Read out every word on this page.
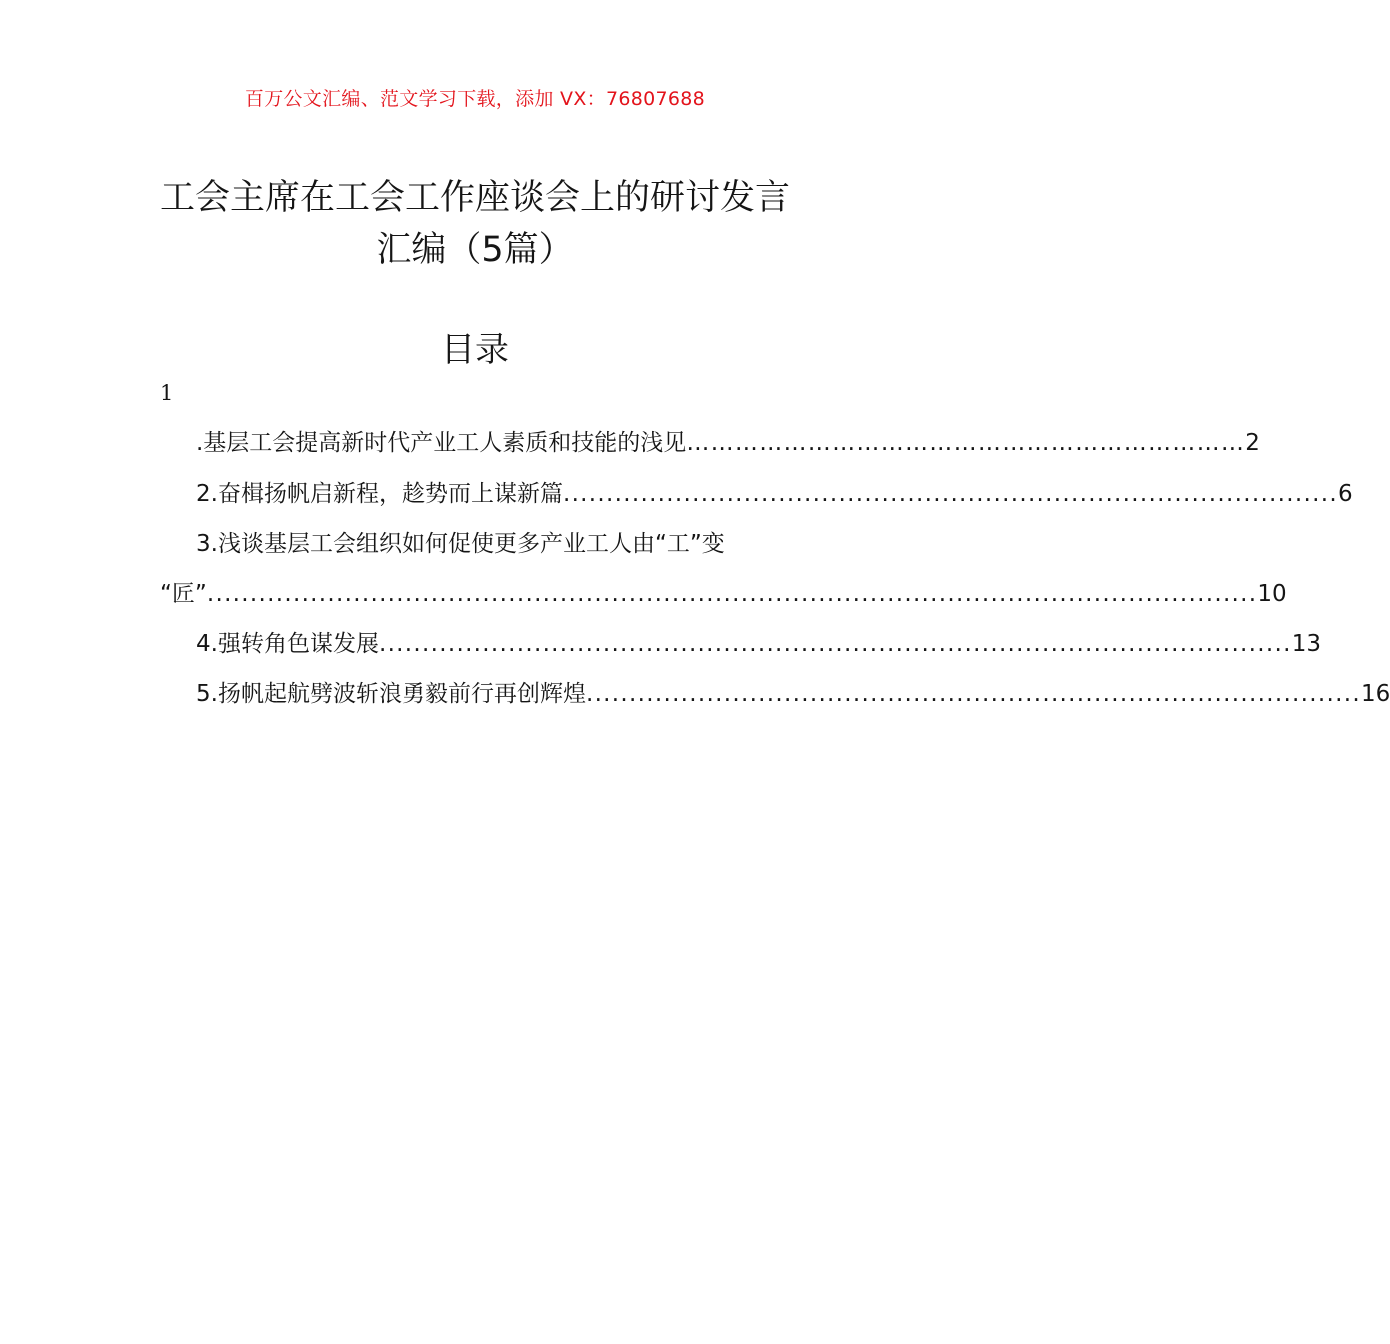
百万公文汇编、范文学习下载，添加 VX：76807688
工会主席在工会工作座谈会上的研讨发言
汇编（5篇）
目录
1
.基层工会提高新时代产业工人素质和技能的浅见 …………………………………………………………… 2
2.奋楫扬帆启新程，趁势而上谋新篇 .......................................................................................... 6
3.浅谈基层工会组织如何促使更多产业工人由“工”变
“匠” .......................................................................................................................... 10
4.强转角色谋发展 .......................................................................................................... 13
5.扬帆起航劈波斩浪勇毅前行再创辉煌 .......................................................................................... 16
